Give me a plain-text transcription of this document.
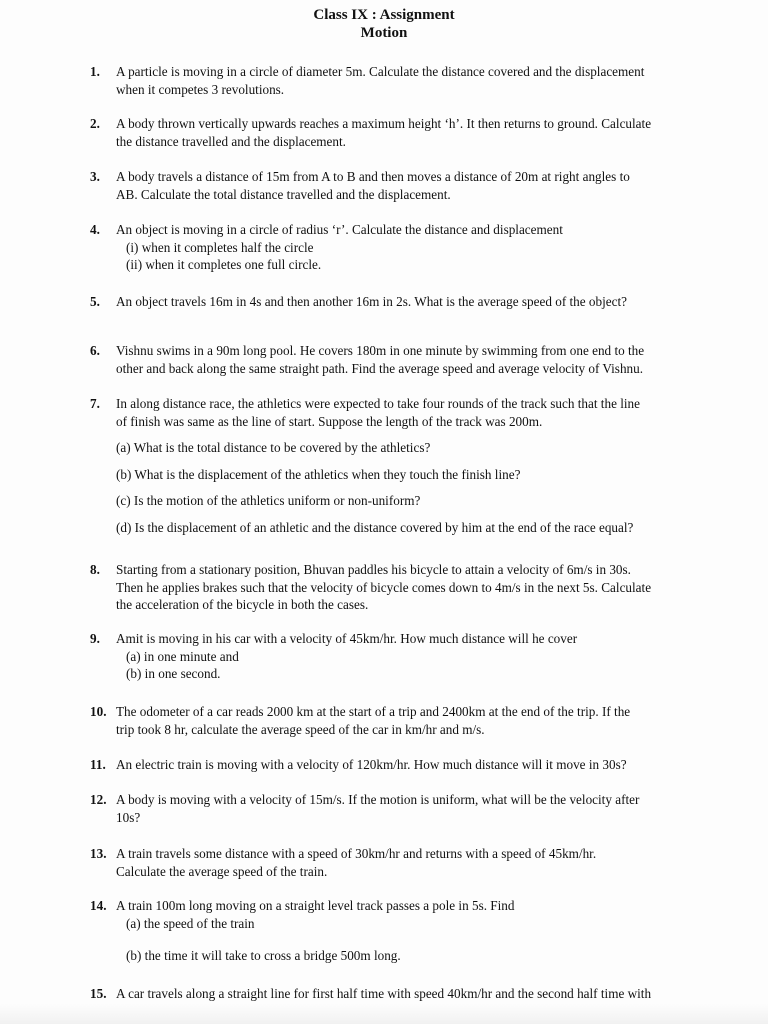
Class IX : Assignment
Motion
1.	A particle is moving in a circle of diameter 5m. Calculate the distance covered and the displacement
when it competes 3 revolutions.
2.	A body thrown vertically upwards reaches a maximum height ‘h’. It then returns to ground. Calculate
the distance travelled and the displacement.
3.	A body travels a distance of 15m from A to B and then moves a distance of 20m at right angles to
AB. Calculate the total distance travelled and the displacement.
4.	An object is moving in a circle of radius ‘r’. Calculate the distance and displacement
(i) when it completes half the circle
(ii) when it completes one full circle.
5.	An object travels 16m in 4s and then another 16m in 2s. What is the average speed of the object?
6.	Vishnu swims in a 90m long pool. He covers 180m in one minute by swimming from one end to the
other and back along the same straight path. Find the average speed and average velocity of Vishnu.
7.	In along distance race, the athletics were expected to take four rounds of the track such that the line
of finish was same as the line of start. Suppose the length of the track was 200m.
(a) What is the total distance to be covered by the athletics?
(b) What is the displacement of the athletics when they touch the finish line?
(c) Is the motion of the athletics uniform or non-uniform?
(d) Is the displacement of an athletic and the distance covered by him at the end of the race equal?
8.	Starting from a stationary position, Bhuvan paddles his bicycle to attain a velocity of 6m/s in 30s.
Then he applies brakes such that the velocity of bicycle comes down to 4m/s in the next 5s. Calculate
the acceleration of the bicycle in both the cases.
9.	Amit is moving in his car with a velocity of 45km/hr. How much distance will he cover
(a) in one minute and
(b) in one second.
10. The odometer of a car reads 2000 km at the start of a trip and 2400km at the end of the trip. If the
trip took 8 hr, calculate the average speed of the car in km/hr and m/s.
11. An electric train is moving with a velocity of 120km/hr. How much distance will it move in 30s?
12. A body is moving with a velocity of 15m/s. If the motion is uniform, what will be the velocity after
10s?
13. A train travels some distance with a speed of 30km/hr and returns with a speed of 45km/hr.
Calculate the average speed of the train.
14. A train 100m long moving on a straight level track passes a pole in 5s. Find
(a) the speed of the train
(b) the time it will take to cross a bridge 500m long.
15. A car travels along a straight line for first half time with speed 40km/hr and the second half time with
